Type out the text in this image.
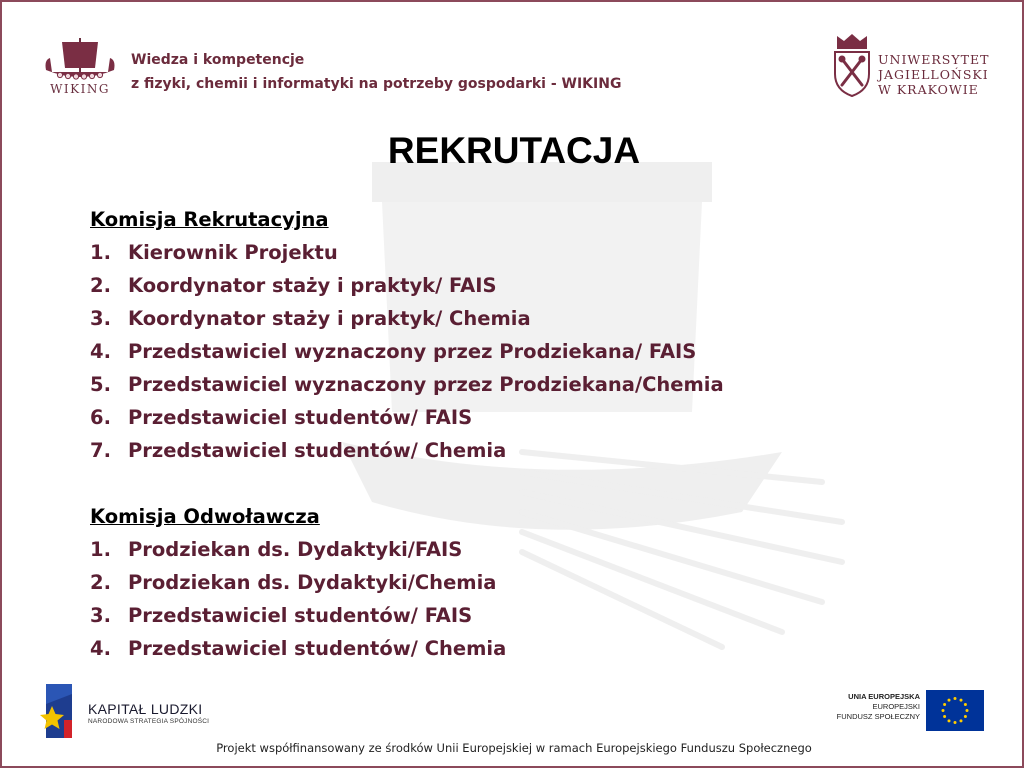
WIKING
Wiedza i kompetencje
z fizyki, chemii i informatyki na potrzeby gospodarki - WIKING
UNIWERSYTET
JAGIELLOŃSKI
W KRAKOWIE
REKRUTACJA
Komisja Rekrutacyjna
1. Kierownik Projektu
2. Koordynator staży i praktyk/ FAIS
3. Koordynator staży i praktyk/ Chemia
4. Przedstawiciel wyznaczony przez Prodziekana/ FAIS
5. Przedstawiciel wyznaczony przez Prodziekana/Chemia
6. Przedstawiciel studentów/ FAIS
7. Przedstawiciel studentów/ Chemia
Komisja Odwoławcza
1. Prodziekan ds. Dydaktyki/FAIS
2. Prodziekan ds. Dydaktyki/Chemia
3. Przedstawiciel studentów/ FAIS
4. Przedstawiciel studentów/ Chemia
KAPITAŁ LUDZKI
NARODOWA STRATEGIA SPÓJNOŚCI
UNIA EUROPEJSKA
EUROPEJSKI
FUNDUSZ SPOŁECZNY
Projekt współfinansowany ze środków Unii Europejskiej w ramach Europejskiego Funduszu Społecznego
